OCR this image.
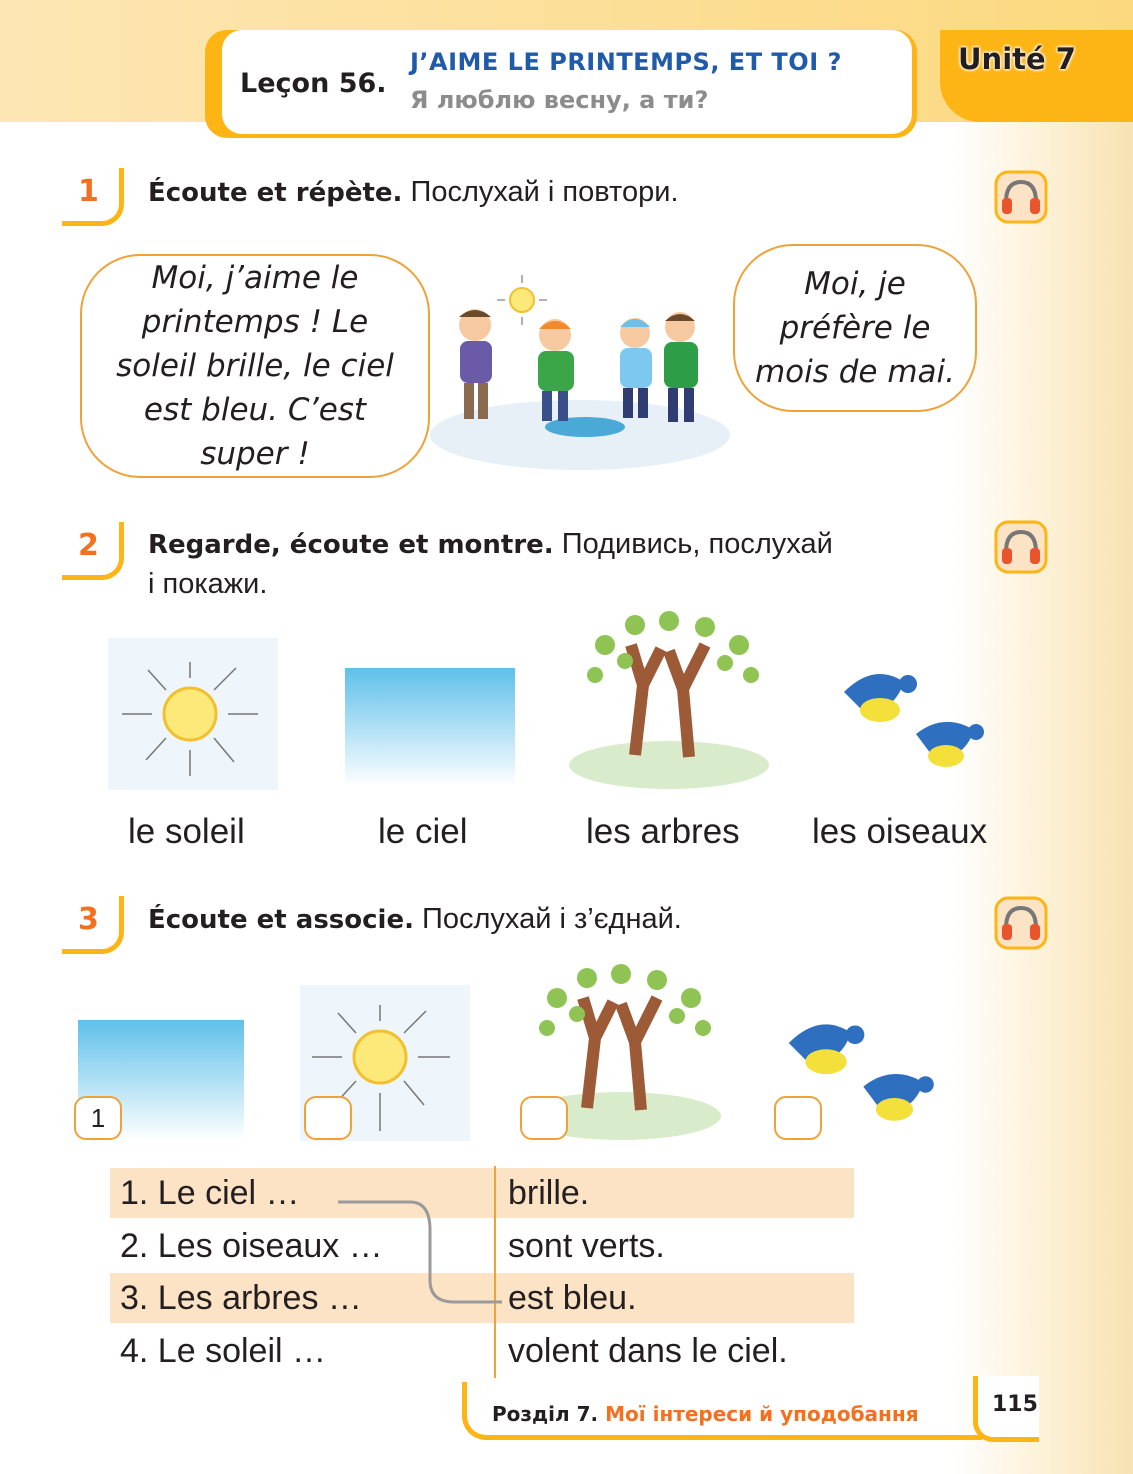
Leçon 56.
J’AIME LE PRINTEMPS, ET TOI ?
Я люблю весну, а ти?
Unité 7
1 Écoute et répète. Послухай і повтори.
Moi, j’aime le
printemps ! Le
soleil brille, le ciel
est bleu. C’est
super !
Moi, je
préfère le
mois de mai.
2 Regarde, écoute et montre. Подивись, послухай
і покажи.
le soleil	le ciel	les arbres les oiseaux
3 Écoute et associe. Послухай і з’єднай.
1
1. Le ciel …	brille.
2. Les oiseaux …	sont verts.
3. Les arbres …	est bleu.
4. Le soleil …	volent dans le ciel.
Розділ 7. Мої інтереси й уподобання	115
